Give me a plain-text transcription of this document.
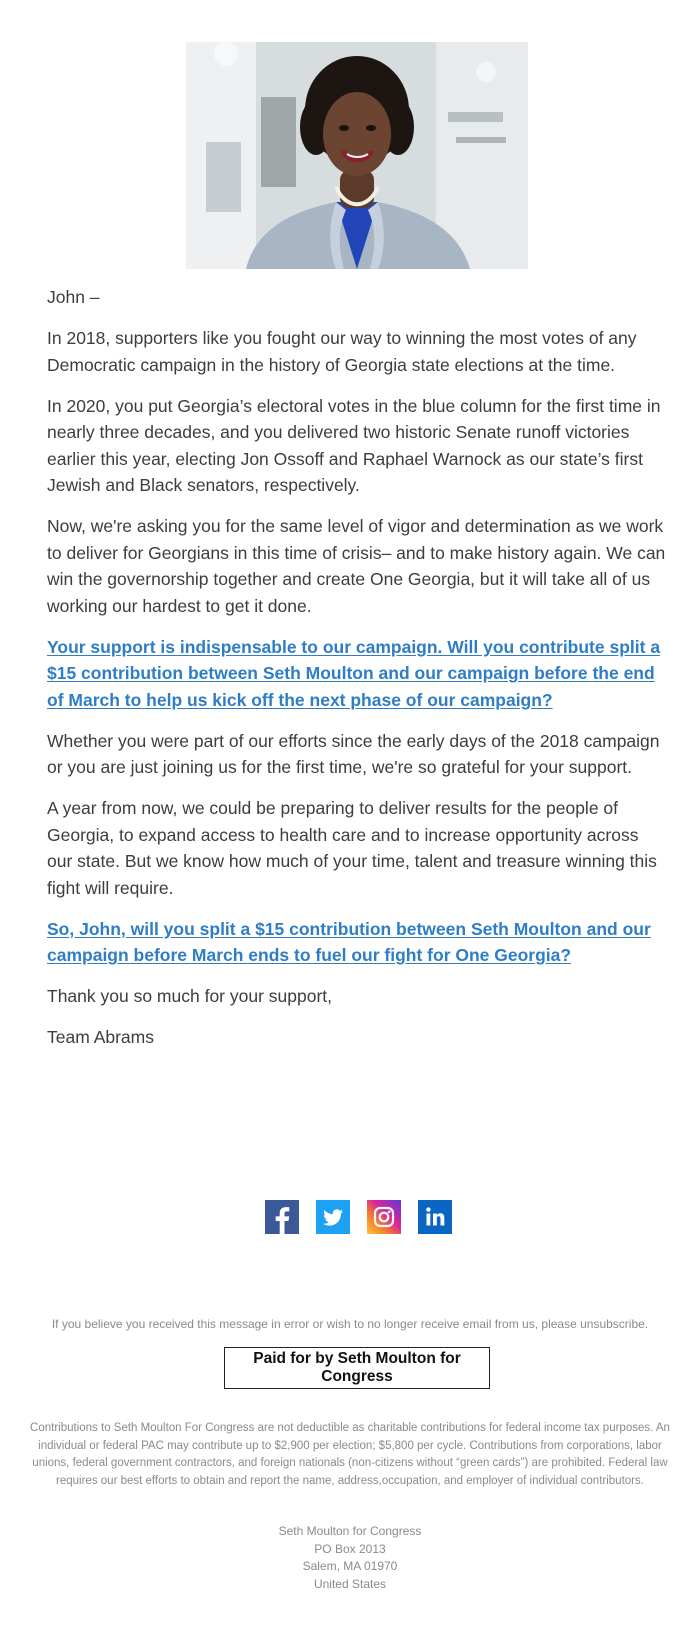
John –

In 2018, supporters like you fought our way to winning the most votes of any Democratic campaign in the history of Georgia state elections at the time.

In 2020, you put Georgia’s electoral votes in the blue column for the first time in nearly three decades, and you delivered two historic Senate runoff victories earlier this year, electing Jon Ossoff and Raphael Warnock as our state’s first Jewish and Black senators, respectively.

Now, we're asking you for the same level of vigor and determination as we work to deliver for Georgians in this time of crisis– and to make history again. We can win the governorship together and create One Georgia, but it will take all of us working our hardest to get it done.

Your support is indispensable to our campaign. Will you contribute split a $15 contribution between Seth Moulton and our campaign before the end of March to help us kick off the next phase of our campaign?

Whether you were part of our efforts since the early days of the 2018 campaign or you are just joining us for the first time, we're so grateful for your support.

A year from now, we could be preparing to deliver results for the people of Georgia, to expand access to health care and to increase opportunity across our state. But we know how much of your time, talent and treasure winning this fight will require.

So, John, will you split a $15 contribution between Seth Moulton and our campaign before March ends to fuel our fight for One Georgia?

Thank you so much for your support,

Team Abrams

If you believe you received this message in error or wish to no longer receive email from us, please unsubscribe.
Paid for by Seth Moulton for Congress
Contributions to Seth Moulton For Congress are not deductible as charitable contributions for federal income tax purposes. An individual or federal PAC may contribute up to $2,900 per election; $5,800 per cycle. Contributions from corporations, labor unions, federal government contractors, and foreign nationals (non-citizens without “green cards”) are prohibited. Federal law requires our best efforts to obtain and report the name, address,occupation, and employer of individual contributors.
Seth Moulton for Congress
PO Box 2013
Salem, MA 01970
United States
